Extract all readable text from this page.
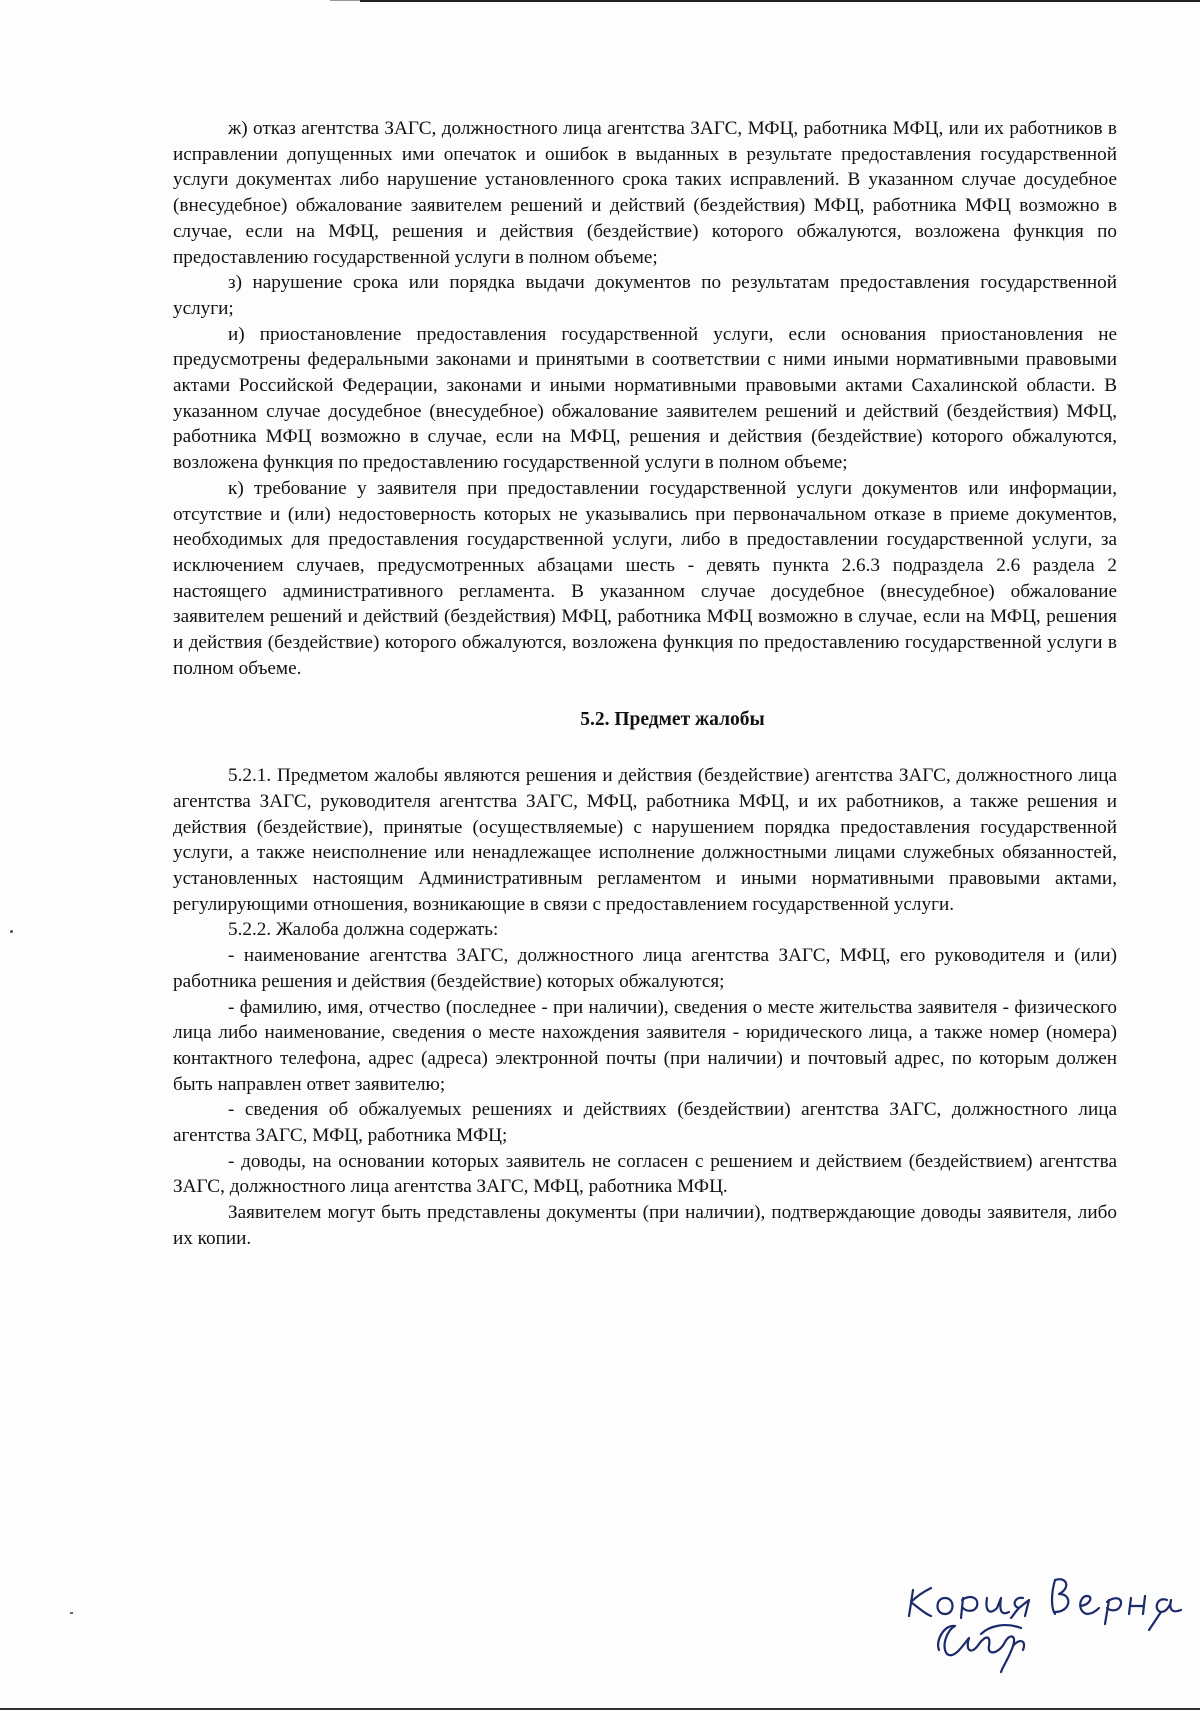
ж) отказ агентства ЗАГС, должностного лица агентства ЗАГС, МФЦ, работника МФЦ, или их работников в исправлении допущенных ими опечаток и ошибок в выданных в результате предоставления государственной услуги документах либо нарушение установленного срока таких исправлений. В указанном случае досудебное (внесудебное) обжалование заявителем решений и действий (бездействия) МФЦ, работника МФЦ возможно в случае, если на МФЦ, решения и действия (бездействие) которого обжалуются, возложена функция по предоставлению государственной услуги в полном объеме;

з) нарушение срока или порядка выдачи документов по результатам предоставления государственной услуги;

и) приостановление предоставления государственной услуги, если основания приостановления не предусмотрены федеральными законами и принятыми в соответствии с ними иными нормативными правовыми актами Российской Федерации, законами и иными нормативными правовыми актами Сахалинской области. В указанном случае досудебное (внесудебное) обжалование заявителем решений и действий (бездействия) МФЦ, работника МФЦ возможно в случае, если на МФЦ, решения и действия (бездействие) которого обжалуются, возложена функция по предоставлению государственной услуги в полном объеме;

к) требование у заявителя при предоставлении государственной услуги документов или информации, отсутствие и (или) недостоверность которых не указывались при первоначальном отказе в приеме документов, необходимых для предоставления государственной услуги, либо в предоставлении государственной услуги, за исключением случаев, предусмотренных абзацами шесть - девять пункта 2.6.3 подраздела 2.6 раздела 2 настоящего административного регламента. В указанном случае досудебное (внесудебное) обжалование заявителем решений и действий (бездействия) МФЦ, работника МФЦ возможно в случае, если на МФЦ, решения и действия (бездействие) которого обжалуются, возложена функция по предоставлению государственной услуги в полном объеме.

5.2. Предмет жалобы

5.2.1. Предметом жалобы являются решения и действия (бездействие) агентства ЗАГС, должностного лица агентства ЗАГС, руководителя агентства ЗАГС, МФЦ, работника МФЦ, и их работников, а также решения и действия (бездействие), принятые (осуществляемые) с нарушением порядка предоставления государственной услуги, а также неисполнение или ненадлежащее исполнение должностными лицами служебных обязанностей, установленных настоящим Административным регламентом и иными нормативными правовыми актами, регулирующими отношения, возникающие в связи с предоставлением государственной услуги.

5.2.2. Жалоба должна содержать:

- наименование агентства ЗАГС, должностного лица агентства ЗАГС, МФЦ, его руководителя и (или) работника решения и действия (бездействие) которых обжалуются;

- фамилию, имя, отчество (последнее - при наличии), сведения о месте жительства заявителя - физического лица либо наименование, сведения о месте нахождения заявителя - юридического лица, а также номер (номера) контактного телефона, адрес (адреса) электронной почты (при наличии) и почтовый адрес, по которым должен быть направлен ответ заявителю;

- сведения об обжалуемых решениях и действиях (бездействии) агентства ЗАГС, должностного лица агентства ЗАГС, МФЦ, работника МФЦ;

- доводы, на основании которых заявитель не согласен с решением и действием (бездействием) агентства ЗАГС, должностного лица агентства ЗАГС, МФЦ, работника МФЦ.

Заявителем могут быть представлены документы (при наличии), подтверждающие доводы заявителя, либо их копии.
